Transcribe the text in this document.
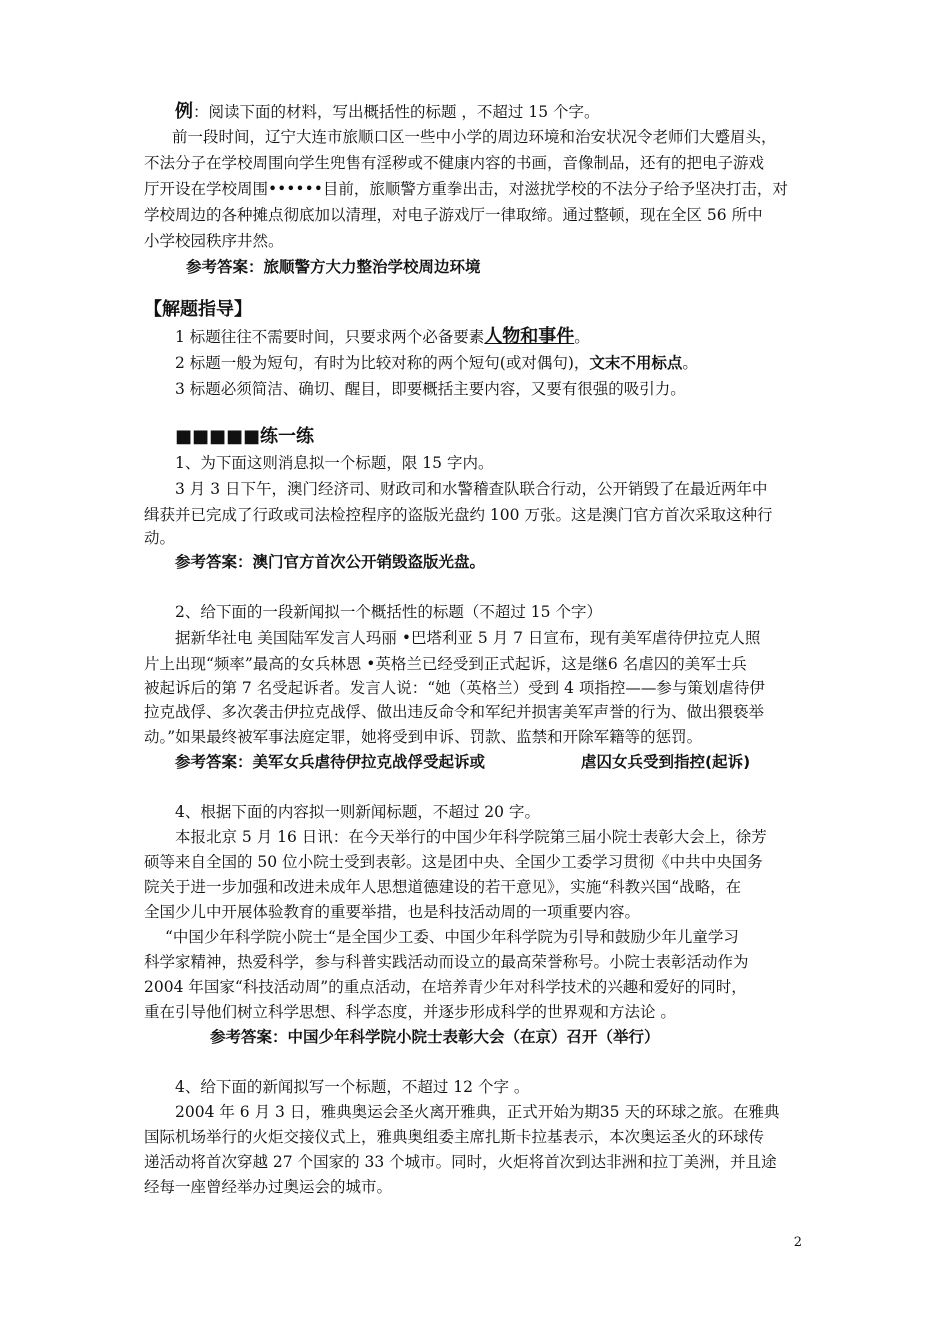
例：阅读下面的材料，写出概括性的标题 ，不超过 15 个字。
前一段时间，辽宁大连市旅顺口区一些中小学的周边环境和治安状况令老师们大蹙眉头，
不法分子在学校周围向学生兜售有淫秽或不健康内容的书画，音像制品，还有的把电子游戏
厅开设在学校周围••••••目前，旅顺警方重拳出击，对滋扰学校的不法分子给予坚决打击，对
学校周边的各种摊点彻底加以清理，对电子游戏厅一律取缔。通过整顿，现在全区 56 所中
小学校园秩序井然。
参考答案：旅顺警方大力整治学校周边环境
【解题指导】
1 标题往往不需要时间，只要求两个必备要素人物和事件。
2 标题一般为短句，有时为比较对称的两个短句(或对偶句)，文末不用标点。
3 标题必须简洁、确切、醒目，即要概括主要内容，又要有很强的吸引力。
■■■■■练一练
1、为下面这则消息拟一个标题，限 15 字内。
3 月 3 日下午，澳门经济司、财政司和水警稽查队联合行动，公开销毁了在最近两年中
缉获并已完成了行政或司法检控程序的盗版光盘约 100 万张。这是澳门官方首次采取这种行
动。
参考答案：澳门官方首次公开销毁盗版光盘。
2、给下面的一段新闻拟一个概括性的标题（不超过 15 个字）
据新华社电 美国陆军发言人玛丽 •巴塔利亚 5 月 7 日宣布，现有美军虐待伊拉克人照
片上出现“频率”最高的女兵林恩 •英格兰已经受到正式起诉，这是继6 名虐囚的美军士兵
被起诉后的第 7 名受起诉者。发言人说：“她（英格兰）受到 4 项指控——参与策划虐待伊
拉克战俘、多次袭击伊拉克战俘、做出违反命令和军纪并损害美军声誉的行为、做出猥亵举
动。”如果最终被军事法庭定罪，她将受到申诉、罚款、监禁和开除军籍等的惩罚。
参考答案：美军女兵虐待伊拉克战俘受起诉或	虐囚女兵受到指控(起诉)
4、根据下面的内容拟一则新闻标题，不超过 20 字。
本报北京 5 月 16 日讯：在今天举行的中国少年科学院第三届小院士表彰大会上，徐芳
硕等来自全国的 50 位小院士受到表彰。这是团中央、全国少工委学习贯彻《中共中央国务
院关于进一步加强和改进未成年人思想道德建设的若干意见》，实施“科教兴国“战略，在
全国少儿中开展体验教育的重要举措，也是科技活动周的一项重要内容。
“中国少年科学院小院士“是全国少工委、中国少年科学院为引导和鼓励少年儿童学习
科学家精神，热爱科学，参与科普实践活动而设立的最高荣誉称号。小院士表彰活动作为
2004 年国家“科技活动周”的重点活动，在培养青少年对科学技术的兴趣和爱好的同时，
重在引导他们树立科学思想、科学态度，并逐步形成科学的世界观和方法论 。
参考答案：中国少年科学院小院士表彰大会（在京）召开（举行）
4、给下面的新闻拟写一个标题，不超过 12 个字 。
2004 年 6 月 3 日，雅典奥运会圣火离开雅典，正式开始为期35 天的环球之旅。在雅典
国际机场举行的火炬交接仪式上，雅典奥组委主席扎斯卡拉基表示，本次奥运圣火的环球传
递活动将首次穿越 27 个国家的 33 个城市。同时，火炬将首次到达非洲和拉丁美洲，并且途
经每一座曾经举办过奥运会的城市。
2
